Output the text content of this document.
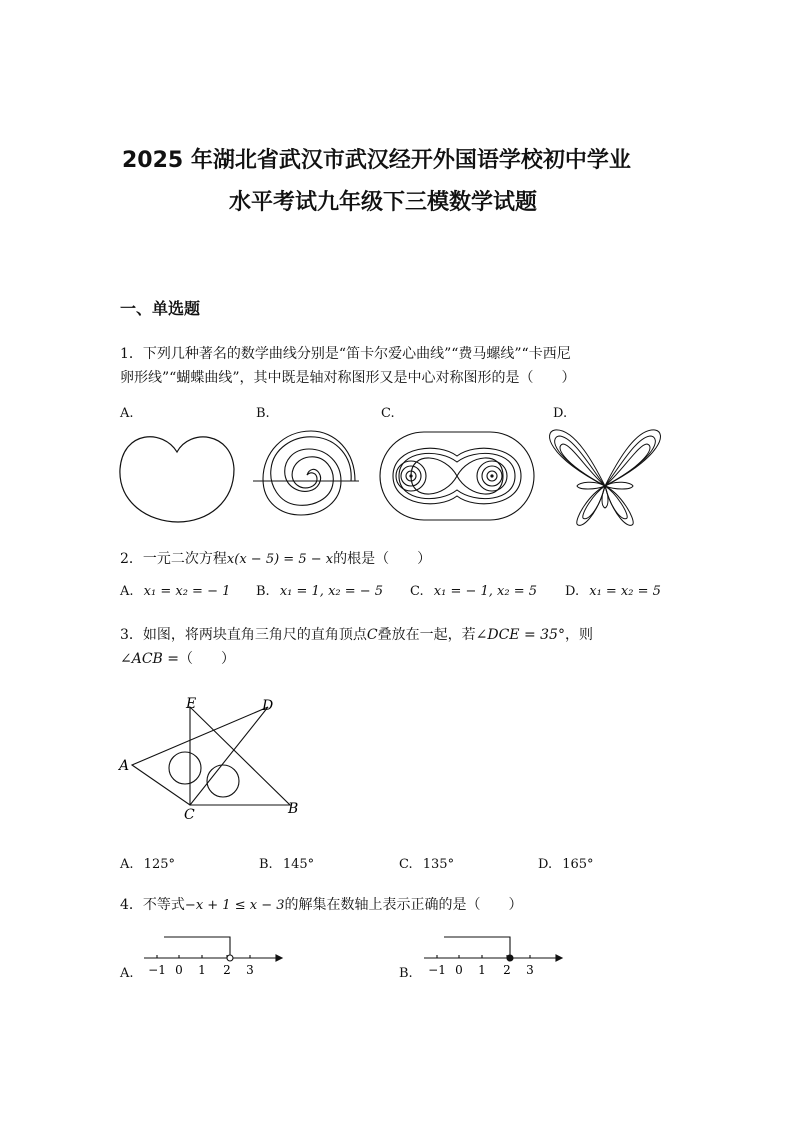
2025 年湖北省武汉市武汉经开外国语学校初中学业
水平考试九年级下三模数学试题
一、单选题
1．下列几种著名的数学曲线分别是“笛卡尔爱心曲线”“费马螺线”“卡西尼
卵形线”“蝴蝶曲线”，其中既是轴对称图形又是中心对称图形的是（　　）
A.	B.	C.	D.
2．一元二次方程x(x − 5) = 5 − x的根是（　　）
A. x₁ = x₂ = − 1 B. x₁ = 1, x₂ = − 5 C. x₁ = − 1, x₂ = 5 D. x₁ = x₂ = 5
3．如图，将两块直角三角尺的直角顶点C叠放在一起，若∠DCE = 35°，则
∠ACB =（　　）
A
E	D
C	B
A. 125°	B. 145°	C. 135°	D. 165°
4．不等式−x + 1 ≤ x − 3的解集在数轴上表示正确的是（　　）
A. −1 0 1 2 3	B. −1 0 1 2 3
